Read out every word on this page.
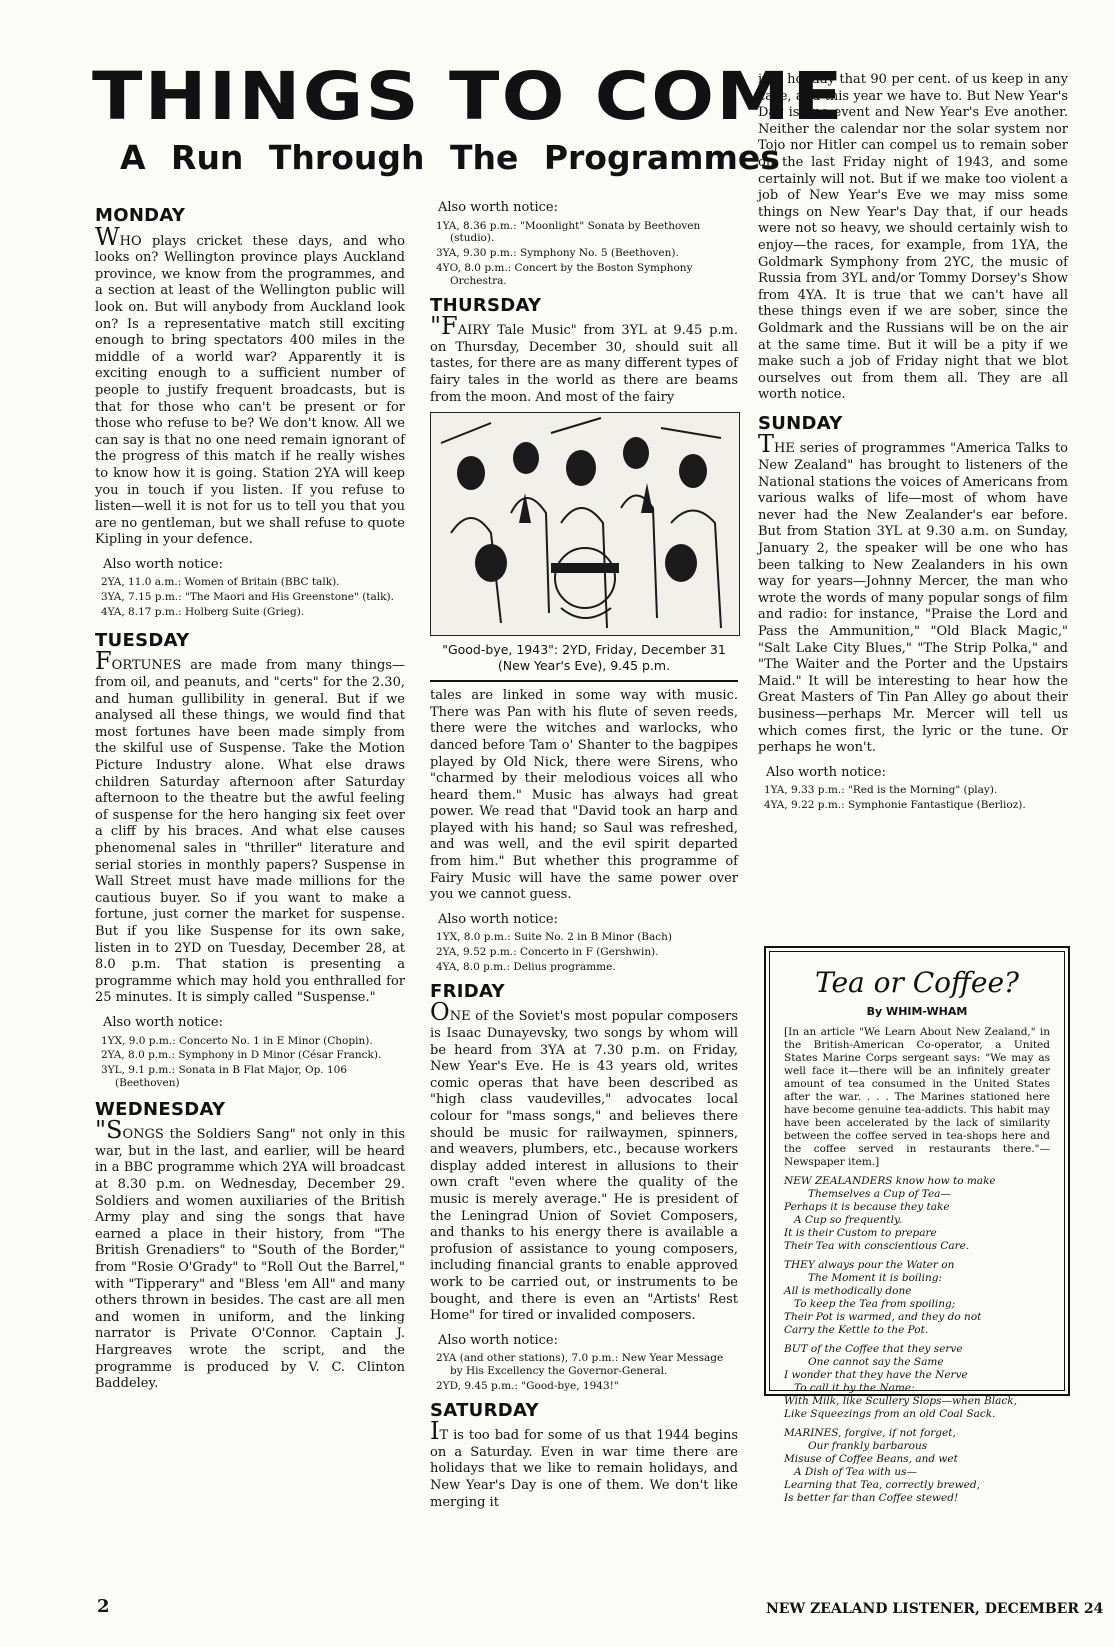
THINGS TO COME
A Run Through The Programmes
MONDAY

WHO plays cricket these days, and who looks on? Wellington province plays Auckland province, we know from the programmes, and a section at least of the Wellington public will look on. But will anybody from Auckland look on? Is a representative match still exciting enough to bring spectators 400 miles in the middle of a world war? Apparently it is exciting enough to a sufficient number of people to justify frequent broadcasts, but is that for those who can't be present or for those who refuse to be? We don't know. All we can say is that no one need remain ignorant of the progress of this match if he really wishes to know how it is going. Station 2YA will keep you in touch if you listen. If you refuse to listen—well it is not for us to tell you that you are no gentleman, but we shall refuse to quote Kipling in your defence.

Also worth notice:

2YA, 11.0 a.m.: Women of Britain (BBC talk).

3YA, 7.15 p.m.: "The Maori and His Greenstone" (talk).

4YA, 8.17 p.m.: Holberg Suite (Grieg).

TUESDAY

FORTUNES are made from many things—from oil, and peanuts, and "certs" for the 2.30, and human gullibility in general. But if we analysed all these things, we would find that most fortunes have been made simply from the skilful use of Suspense. Take the Motion Picture Industry alone. What else draws children Saturday afternoon after Saturday afternoon to the theatre but the awful feeling of suspense for the hero hanging six feet over a cliff by his braces. And what else causes phenomenal sales in "thriller" literature and serial stories in monthly papers? Suspense in Wall Street must have made millions for the cautious buyer. So if you want to make a fortune, just corner the market for suspense. But if you like Suspense for its own sake, listen in to 2YD on Tuesday, December 28, at 8.0 p.m. That station is presenting a programme which may hold you enthralled for 25 minutes. It is simply called "Suspense."

Also worth notice:

1YX, 9.0 p.m.: Concerto No. 1 in E Minor (Chopin).

2YA, 8.0 p.m.: Symphony in D Minor (César Franck).

3YL, 9.1 p.m.: Sonata in B Flat Major, Op. 106 (Beethoven)

WEDNESDAY

"SONGS the Soldiers Sang" not only in this war, but in the last, and earlier, will be heard in a BBC programme which 2YA will broadcast at 8.30 p.m. on Wednesday, December 29. Soldiers and women auxiliaries of the British Army play and sing the songs that have earned a place in their history, from "The British Grenadiers" to "South of the Border," from "Rosie O'Grady" to "Roll Out the Barrel," with "Tipperary" and "Bless 'em All" and many others thrown in besides. The cast are all men and women in uniform, and the linking narrator is Private O'Connor. Captain J. Hargreaves wrote the script, and the programme is produced by V. C. Clinton Baddeley.

Also worth notice:

1YA, 8.36 p.m.: "Moonlight" Sonata by Beethoven (studio).

3YA, 9.30 p.m.: Symphony No. 5 (Beethoven).

4YO, 8.0 p.m.: Concert by the Boston Symphony Orchestra.

THURSDAY

"FAIRY Tale Music" from 3YL at 9.45 p.m. on Thursday, December 30, should suit all tastes, for there are as many different types of fairy tales in the world as there are beams from the moon. And most of the fairy

"Good-bye, 1943": 2YD, Friday, December 31 (New Year's Eve), 9.45 p.m.

tales are linked in some way with music. There was Pan with his flute of seven reeds, there were the witches and warlocks, who danced before Tam o' Shanter to the bagpipes played by Old Nick, there were Sirens, who "charmed by their melodious voices all who heard them." Music has always had great power. We read that "David took an harp and played with his hand; so Saul was refreshed, and was well, and the evil spirit departed from him." But whether this programme of Fairy Music will have the same power over you we cannot guess.

Also worth notice:

1YX, 8.0 p.m.: Suite No. 2 in B Minor (Bach)

2YA, 9.52 p.m.: Concerto in F (Gershwin).

4YA, 8.0 p.m.: Delius programme.

FRIDAY

ONE of the Soviet's most popular composers is Isaac Dunayevsky, two songs by whom will be heard from 3YA at 7.30 p.m. on Friday, New Year's Eve. He is 43 years old, writes comic operas that have been described as "high class vaudevilles," advocates local colour for "mass songs," and believes there should be music for railwaymen, spinners, and weavers, plumbers, etc., because workers display added interest in allusions to their own craft "even where the quality of the music is merely average." He is president of the Leningrad Union of Soviet Composers, and thanks to his energy there is available a profusion of assistance to young composers, including financial grants to enable approved work to be carried out, or instruments to be bought, and there is even an "Artists' Rest Home" for tired or invalided composers.

Also worth notice:

2YA (and other stations), 7.0 p.m.: New Year Message by His Excellency the Governor-General.

2YD, 9.45 p.m.: "Good-bye, 1943!"

SATURDAY

IT is too bad for some of us that 1944 begins on a Saturday. Even in war time there are holidays that we like to remain holidays, and New Year's Day is one of them. We don't like merging it

in a holiday that 90 per cent. of us keep in any case, and this year we have to. But New Year's Day is one event and New Year's Eve another. Neither the calendar nor the solar system nor Tojo nor Hitler can compel us to remain sober on the last Friday night of 1943, and some certainly will not. But if we make too violent a job of New Year's Eve we may miss some things on New Year's Day that, if our heads were not so heavy, we should certainly wish to enjoy—the races, for example, from 1YA, the Goldmark Symphony from 2YC, the music of Russia from 3YL and/or Tommy Dorsey's Show from 4YA. It is true that we can't have all these things even if we are sober, since the Goldmark and the Russians will be on the air at the same time. But it will be a pity if we make such a job of Friday night that we blot ourselves out from them all. They are all worth notice.

SUNDAY

THE series of programmes "America Talks to New Zealand" has brought to listeners of the National stations the voices of Americans from various walks of life—most of whom have never had the New Zealander's ear before. But from Station 3YL at 9.30 a.m. on Sunday, January 2, the speaker will be one who has been talking to New Zealanders in his own way for years—Johnny Mercer, the man who wrote the words of many popular songs of film and radio: for instance, "Praise the Lord and Pass the Ammunition," "Old Black Magic," "Salt Lake City Blues," "The Strip Polka," and "The Waiter and the Porter and the Upstairs Maid." It will be interesting to hear how the Great Masters of Tin Pan Alley go about their business—perhaps Mr. Mercer will tell us which comes first, the lyric or the tune. Or perhaps he won't.

Also worth notice:

1YA, 9.33 p.m.: "Red is the Morning" (play).

4YA, 9.22 p.m.: Symphonie Fantastique (Berlioz).

Tea or Coffee?
By WHIM-WHAM

[In an article "We Learn About New Zealand," in the British-American Co-operator, a United States Marine Corps sergeant says: "We may as well face it—there will be an infinitely greater amount of tea consumed in the United States after the war. . . . The Marines stationed here have become genuine tea-addicts. This habit may have been accelerated by the lack of similarity between the coffee served in tea-shops here and the coffee served in restaurants there."—Newspaper item.]

NEW ZEALANDERS know how to make
Themselves a Cup of Tea—
Perhaps it is because they take
A Cup so frequently.
It is their Custom to prepare
Their Tea with conscientious Care.
THEY always pour the Water on
The Moment it is boiling:
All is methodically done
To keep the Tea from spoiling;
Their Pot is warmed, and they do not
Carry the Kettle to the Pot.
BUT of the Coffee that they serve
One cannot say the Same
I wonder that they have the Nerve
To call it by the Name:
With Milk, like Scullery Slops—when Black,
Like Squeezings from an old Coal Sack.
MARINES, forgive, if not forget,
Our frankly barbarous
Misuse of Coffee Beans, and wet
A Dish of Tea with us—
Learning that Tea, correctly brewed,
Is better far than Coffee stewed!
2	NEW ZEALAND LISTENER, DECEMBER 24
